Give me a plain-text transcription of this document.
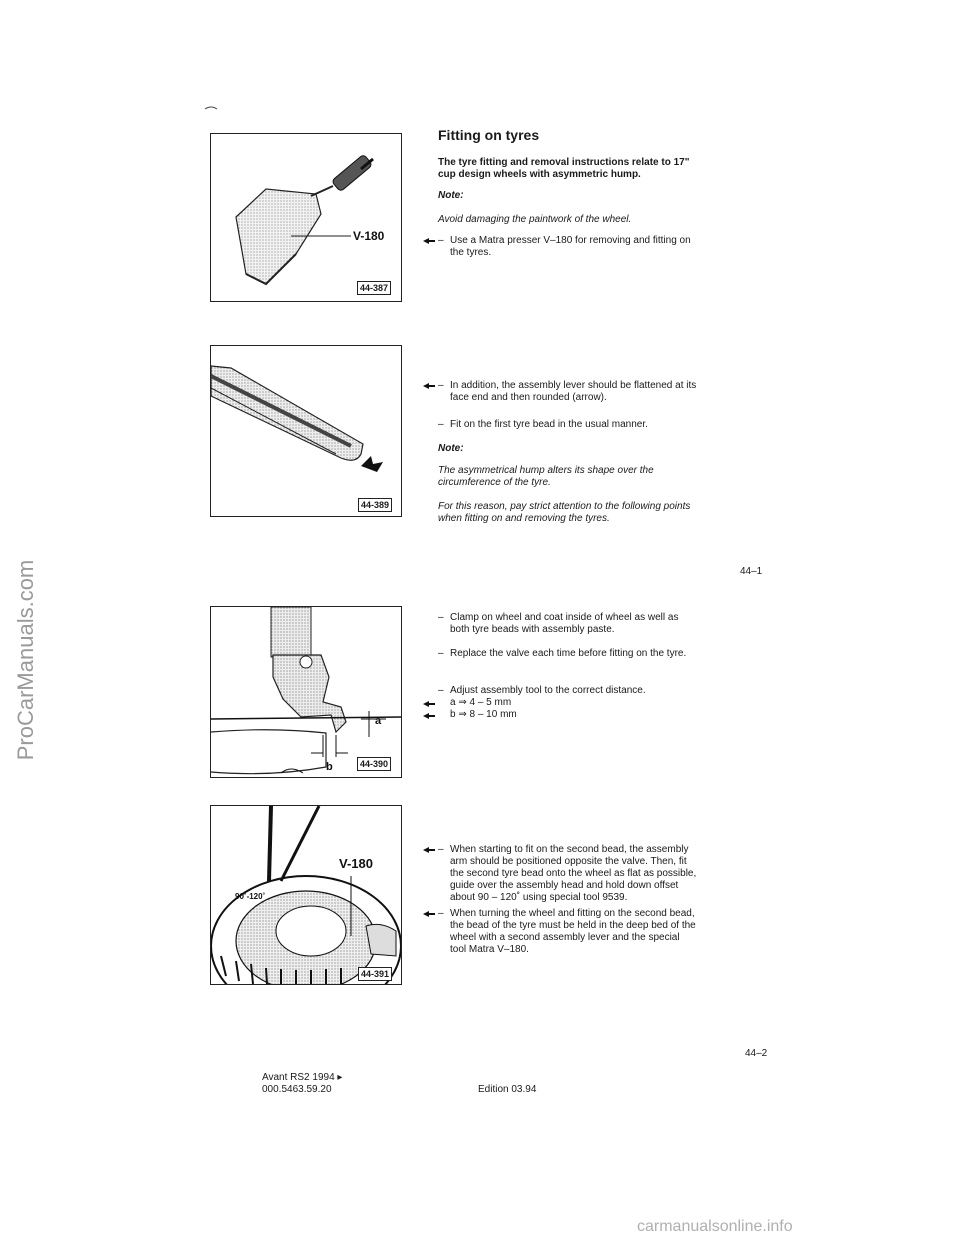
ProCarManuals.com
V-180
44-387
44-389
a
b	44-390
V-180
90˚-120˚
44-391
Fitting on tyres

The tyre fitting and removal instructions relate to 17" cup design wheels with asymmetric hump.

Note:

Avoid damaging the paintwork of the wheel.

– Use a Matra presser V–180 for removing and fitting on the tyres.
– In addition, the assembly lever should be flattened at its face end and then rounded (arrow).
– Fit on the first tyre bead in the usual manner.

Note:

The asymmetrical hump alters its shape over the circumference of the tyre.

For this reason, pay strict attention to the following points when fitting on and removing the tyres.

44–1
– Clamp on wheel and coat inside of wheel as well as both tyre beads with assembly paste.
– Replace the valve each time before fitting on the tyre.
– Adjust assembly tool to the correct distance.
a ⇒ 4 – 5 mm
b ⇒ 8 – 10 mm
– When starting to fit on the second bead, the assembly arm should be positioned opposite the valve. Then, fit the second tyre bead onto the wheel as flat as possible, guide over the assembly head and hold down offset about 90 – 120˚ using special tool 9539.
– When turning the wheel and fitting on the second bead, the bead of the tyre must be held in the deep bed of the wheel with a second assembly lever and the special tool Matra V–180.
44–2
Avant RS2 1994 ▸
000.5463.59.20	Edition 03.94
carmanualsonline.info
